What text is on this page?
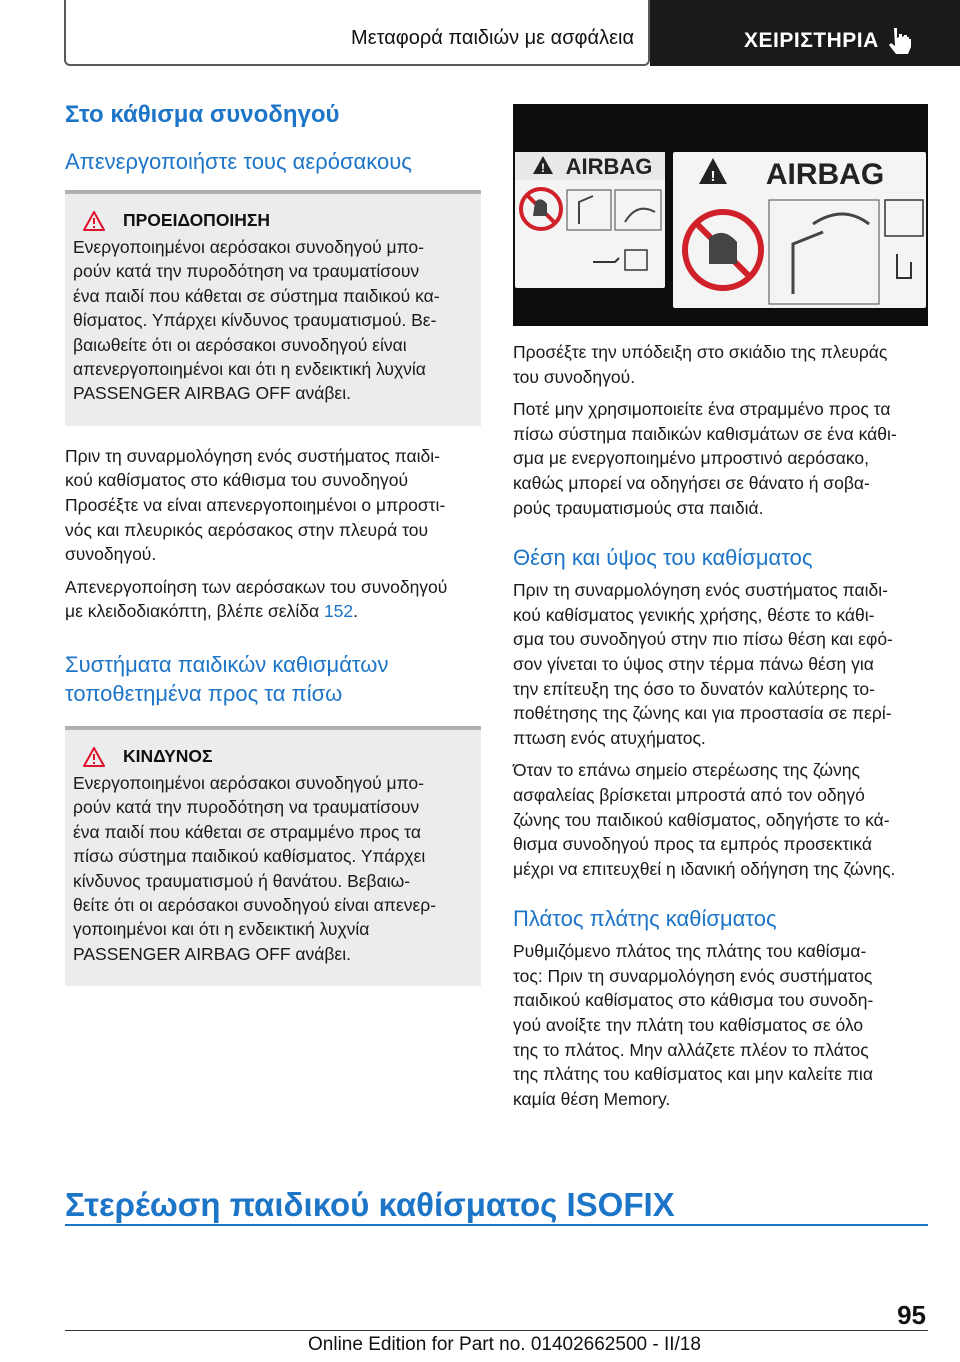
Μεταφορά παιδιών με ασφάλεια	ΧΕΙΡΙΣΤΗΡΙΑ
Στο κάθισμα συνοδηγού
Απενεργοποιήστε τους αερόσακους
ΠΡΟΕΙΔΟΠΟΙΗΣΗ
Ενεργοποιημένοι αερόσακοι συνοδηγού μπο-
ρούν κατά την πυροδότηση να τραυματίσουν
ένα παιδί που κάθεται σε σύστημα παιδικού κα-
θίσματος. Υπάρχει κίνδυνος τραυματισμού. Βε-
βαιωθείτε ότι οι αερόσακοι συνοδηγού είναι
απενεργοποιημένοι και ότι η ενδεικτική λυχνία
PASSENGER AIRBAG OFF ανάβει.
Πριν τη συναρμολόγηση ενός συστήματος παιδι-
κού καθίσματος στο κάθισμα του συνοδηγού
Προσέξτε να είναι απενεργοποιημένοι ο μπροστι-
νός και πλευρικός αερόσακος στην πλευρά του
συνοδηγού.
Απενεργοποίηση των αερόσακων του συνοδηγού
με κλειδοδιακόπτη, βλέπε σελίδα 152.
Συστήματα παιδικών καθισμάτων
τοποθετημένα προς τα πίσω
ΚΙΝΔΥΝΟΣ
Ενεργοποιημένοι αερόσακοι συνοδηγού μπο-
ρούν κατά την πυροδότηση να τραυματίσουν
ένα παιδί που κάθεται σε στραμμένο προς τα
πίσω σύστημα παιδικού καθίσματος. Υπάρχει
κίνδυνος τραυματισμού ή θανάτου. Βεβαιω-
θείτε ότι οι αερόσακοι συνοδηγού είναι απενερ-
γοποιημένοι και ότι η ενδεικτική λυχνία
PASSENGER AIRBAG OFF ανάβει.
! AIRBAG	! AIRBAG
Προσέξτε την υπόδειξη στο σκιάδιο της πλευράς
του συνοδηγού.
Ποτέ μην χρησιμοποιείτε ένα στραμμένο προς τα
πίσω σύστημα παιδικών καθισμάτων σε ένα κάθι-
σμα με ενεργοποιημένο μπροστινό αερόσακο,
καθώς μπορεί να οδηγήσει σε θάνατο ή σοβα-
ρούς τραυματισμούς στα παιδιά.
Θέση και ύψος του καθίσματος
Πριν τη συναρμολόγηση ενός συστήματος παιδι-
κού καθίσματος γενικής χρήσης, θέστε το κάθι-
σμα του συνοδηγού στην πιο πίσω θέση και εφό-
σον γίνεται το ύψος στην τέρμα πάνω θέση για
την επίτευξη της όσο το δυνατόν καλύτερης το-
ποθέτησης της ζώνης και για προστασία σε περί-
πτωση ενός ατυχήματος.
Όταν το επάνω σημείο στερέωσης της ζώνης
ασφαλείας βρίσκεται μπροστά από τον οδηγό
ζώνης του παιδικού καθίσματος, οδηγήστε το κά-
θισμα συνοδηγού προς τα εμπρός προσεκτικά
μέχρι να επιτευχθεί η ιδανική οδήγηση της ζώνης.
Πλάτος πλάτης καθίσματος
Ρυθμιζόμενο πλάτος της πλάτης του καθίσμα-
τος: Πριν τη συναρμολόγηση ενός συστήματος
παιδικού καθίσματος στο κάθισμα του συνοδη-
γού ανοίξτε την πλάτη του καθίσματος σε όλο
της το πλάτος. Μην αλλάζετε πλέον το πλάτος
της πλάτης του καθίσματος και μην καλείτε πια
καμία θέση Memory.
Στερέωση παιδικού καθίσματος ISOFIX
95
Online Edition for Part no. 01402662500 - II/18
